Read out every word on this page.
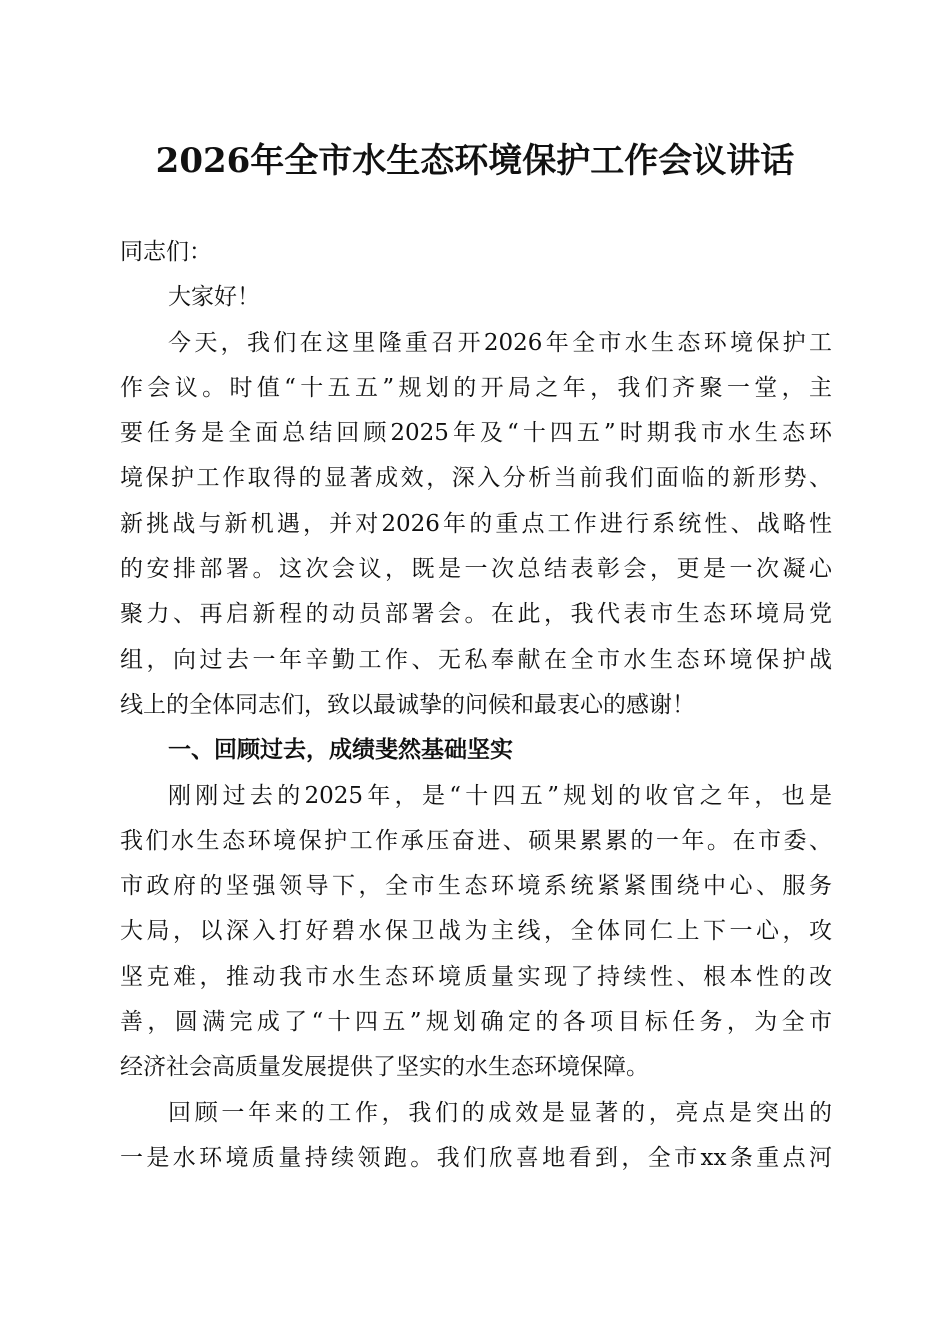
2026年全市水生态环境保护工作会议讲话
同志们：
大家好！
今天，我们在这里隆重召开2026年全市水生态环境保护工
作会议。时值“十五五”规划的开局之年，我们齐聚一堂，主
要任务是全面总结回顾2025年及“十四五”时期我市水生态环
境保护工作取得的显著成效，深入分析当前我们面临的新形势、
新挑战与新机遇，并对2026年的重点工作进行系统性、战略性
的安排部署。这次会议，既是一次总结表彰会，更是一次凝心
聚力、再启新程的动员部署会。在此，我代表市生态环境局党
组，向过去一年辛勤工作、无私奉献在全市水生态环境保护战
线上的全体同志们，致以最诚挚的问候和最衷心的感谢！
一、回顾过去，成绩斐然基础坚实
刚刚过去的2025年，是“十四五”规划的收官之年，也是
我们水生态环境保护工作承压奋进、硕果累累的一年。在市委、
市政府的坚强领导下，全市生态环境系统紧紧围绕中心、服务
大局，以深入打好碧水保卫战为主线，全体同仁上下一心，攻
坚克难，推动我市水生态环境质量实现了持续性、根本性的改
善，圆满完成了“十四五”规划确定的各项目标任务，为全市
经济社会高质量发展提供了坚实的水生态环境保障。
回顾一年来的工作，我们的成效是显著的，亮点是突出的
一是水环境质量持续领跑。我们欣喜地看到，全市xx条重点河
